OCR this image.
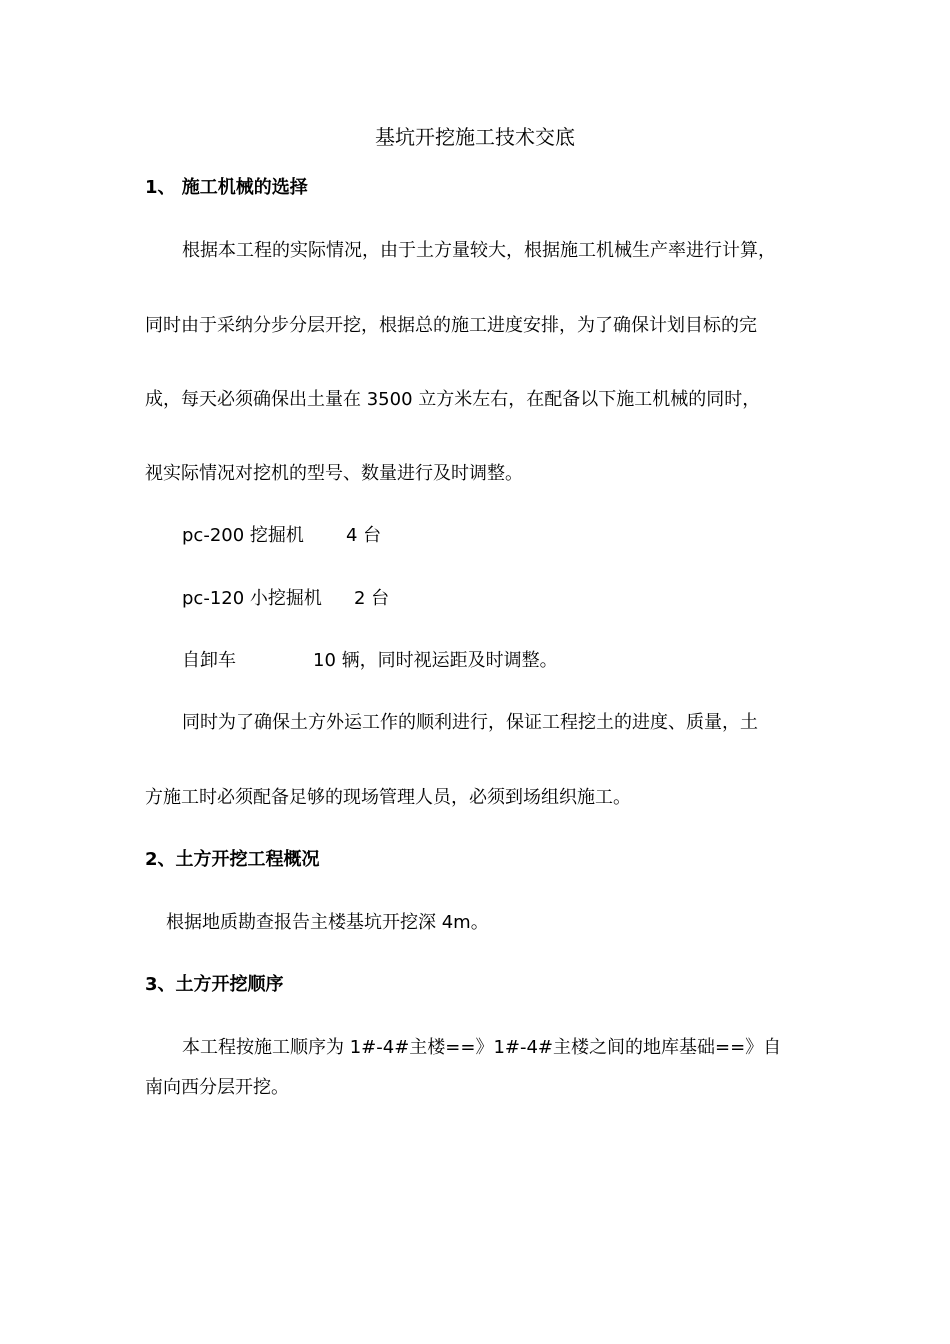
基坑开挖施工技术交底
1、 施工机械的选择
根据本工程的实际情况，由于土方量较大，根据施工机械生产率进行计算，
同时由于采纳分步分层开挖，根据总的施工进度安排，为了确保计划目标的完
成，每天必须确保出土量在 3500 立方米左右，在配备以下施工机械的同时，
视实际情况对挖机的型号、数量进行及时调整。
pc-200 挖掘机 4 台
pc-120 小挖掘机 2 台
自卸车	10 辆，同时视运距及时调整。
同时为了确保土方外运工作的顺利进行，保证工程挖土的进度、质量，土
方施工时必须配备足够的现场管理人员，必须到场组织施工。
2、土方开挖工程概况
根据地质勘查报告主楼基坑开挖深 4m。
3、土方开挖顺序
本工程按施工顺序为 1#-4#主楼==》1#-4#主楼之间的地库基础==》自
南向西分层开挖。
